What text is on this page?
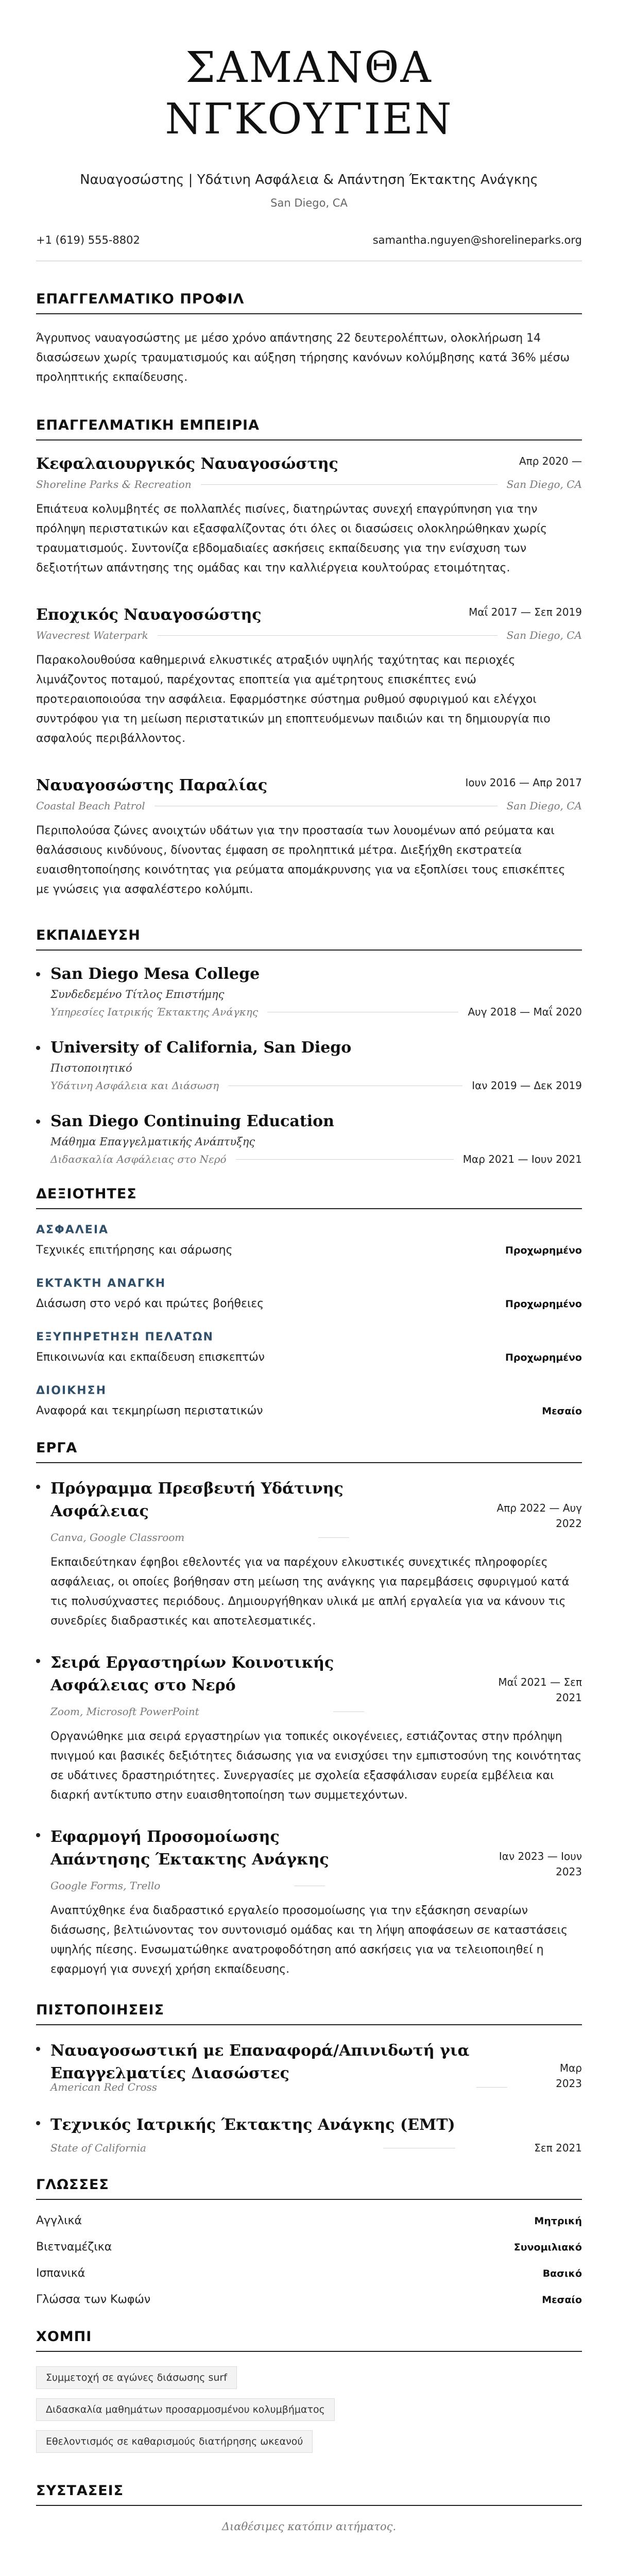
ΣΑΜΑΝΘΑ ΝΓΚΟΥΓΙΕΝ
Ναυαγοσώστης | Υδάτινη Ασφάλεια & Απάντηση Έκτακτης Ανάγκης
San Diego, CA
+1 (619) 555-8802	samantha.nguyen@shorelineparks.org
ΕΠΑΓΓΕΛΜΑΤΙΚΟ ΠΡΟΦΙΛ
Άγρυπνος ναυαγοσώστης με μέσο χρόνο απάντησης 22 δευτερολέπτων, ολοκλήρωση 14 διασώσεων χωρίς τραυματισμούς και αύξηση τήρησης κανόνων κολύμβησης κατά 36% μέσω προληπτικής εκπαίδευσης.
ΕΠΑΓΓΕΛΜΑΤΙΚΗ ΕΜΠΕΙΡΙΑ
Κεφαλαιουργικός Ναυαγοσώστης	Απρ 2020 —
Shoreline Parks & Recreation	San Diego, CA
Επιάτευα κολυμβητές σε πολλαπλές πισίνες, διατηρώντας συνεχή επαγρύπνηση για την πρόληψη περιστατικών και εξασφαλίζοντας ότι όλες οι διασώσεις ολοκληρώθηκαν χωρίς τραυματισμούς. Συντονίζα εβδομαδιαίες ασκήσεις εκπαίδευσης για την ενίσχυση των δεξιοτήτων απάντησης της ομάδας και την καλλιέργεια κουλτούρας ετοιμότητας.
Εποχικός Ναυαγοσώστης	Μαΐ 2017 — Σεπ 2019
Wavecrest Waterpark	San Diego, CA
Παρακολουθούσα καθημερινά ελκυστικές ατραξιόν υψηλής ταχύτητας και περιοχές λιμνάζοντος ποταμού, παρέχοντας εποπτεία για αμέτρητους επισκέπτες ενώ προτεραιοποιούσα την ασφάλεια. Εφαρμόστηκε σύστημα ρυθμού σφυριγμού και ελέγχοι συντρόφου για τη μείωση περιστατικών μη εποπτευόμενων παιδιών και τη δημιουργία πιο ασφαλούς περιβάλλοντος.
Ναυαγοσώστης Παραλίας	Ιουν 2016 — Απρ 2017
Coastal Beach Patrol	San Diego, CA
Περιπολούσα ζώνες ανοιχτών υδάτων για την προστασία των λουομένων από ρεύματα και θαλάσσιους κινδύνους, δίνοντας έμφαση σε προληπτικά μέτρα. Διεξήχθη εκστρατεία ευαισθητοποίησης κοινότητας για ρεύματα απομάκρυνσης για να εξοπλίσει τους επισκέπτες με γνώσεις για ασφαλέστερο κολύμπι.
ΕΚΠΑΙΔΕΥΣΗ
San Diego Mesa College
Συνδεδεμένο Τίτλος Επιστήμης
Υπηρεσίες Ιατρικής Έκτακτης Ανάγκης	Αυγ 2018 — Μαΐ 2020
University of California, San Diego
Πιστοποιητικό
Υδάτινη Ασφάλεια και Διάσωση	Ιαν 2019 — Δεκ 2019
San Diego Continuing Education
Μάθημα Επαγγελματικής Ανάπτυξης
Διδασκαλία Ασφάλειας στο Νερό	Μαρ 2021 — Ιουν 2021
ΔΕΞΙΟΤΗΤΕΣ
ΑΣΦΑΛΕΙΑ
Τεχνικές επιτήρησης και σάρωσης	Προχωρημένο
ΕΚΤΑΚΤΗ ΑΝΑΓΚΗ
Διάσωση στο νερό και πρώτες βοήθειες	Προχωρημένο
ΕΞΥΠΗΡΕΤΗΣΗ ΠΕΛΑΤΩΝ
Επικοινωνία και εκπαίδευση επισκεπτών	Προχωρημένο
ΔΙΟΙΚΗΣΗ
Αναφορά και τεκμηρίωση περιστατικών	Μεσαίο
ΕΡΓΑ
Πρόγραμμα Πρεσβευτή Υδάτινης Ασφάλειας	Απρ 2022 — Αυγ
2022
Canva, Google Classroom
Εκπαιδεύτηκαν έφηβοι εθελοντές για να παρέχουν ελκυστικές συνεχτικές πληροφορίες ασφάλειας, οι οποίες βοήθησαν στη μείωση της ανάγκης για παρεμβάσεις σφυριγμού κατά τις πολυσύχναστες περιόδους. Δημιουργήθηκαν υλικά με απλή εργαλεία για να κάνουν τις συνεδρίες διαδραστικές και αποτελεσματικές.
Σειρά Εργαστηρίων Κοινοτικής Ασφάλειας στο Νερό	Μαΐ 2021 — Σεπ
2021
Zoom, Microsoft PowerPoint
Οργανώθηκε μια σειρά εργαστηρίων για τοπικές οικογένειες, εστιάζοντας στην πρόληψη πνιγμού και βασικές δεξιότητες διάσωσης για να ενισχύσει την εμπιστοσύνη της κοινότητας σε υδάτινες δραστηριότητες. Συνεργασίες με σχολεία εξασφάλισαν ευρεία εμβέλεια και διαρκή αντίκτυπο στην ευαισθητοποίηση των συμμετεχόντων.
Εφαρμογή Προσομοίωσης Απάντησης Έκτακτης Ανάγκης	Ιαν 2023 — Ιουν
2023
Google Forms, Trello
Αναπτύχθηκε ένα διαδραστικό εργαλείο προσομοίωσης για την εξάσκηση σεναρίων διάσωσης, βελτιώνοντας τον συντονισμό ομάδας και τη λήψη αποφάσεων σε καταστάσεις υψηλής πίεσης. Ενσωματώθηκε ανατροφοδότηση από ασκήσεις για να τελειοποιηθεί η εφαρμογή για συνεχή χρήση εκπαίδευσης.
ΠΙΣΤΟΠΟΙΗΣΕΙΣ
Ναυαγοσωστική με Επαναφορά/Απινιδωτή για Επαγγελματίες Διασώστες	Μαρ
2023
American Red Cross
Τεχνικός Ιατρικής Έκτακτης Ανάγκης (EMT)
State of California	Σεπ 2021
ΓΛΩΣΣΕΣ
Αγγλικά	Μητρική
Βιετναμέζικα	Συνομιλιακό
Ισπανικά	Βασικό
Γλώσσα των Κωφών	Μεσαίο
ΧΟΜΠΙ
Συμμετοχή σε αγώνες διάσωσης surf
Διδασκαλία μαθημάτων προσαρμοσμένου κολυμβήματος
Εθελοντισμός σε καθαρισμούς διατήρησης ωκεανού
ΣΥΣΤΑΣΕΙΣ
Διαθέσιμες κατόπιν αιτήματος.
